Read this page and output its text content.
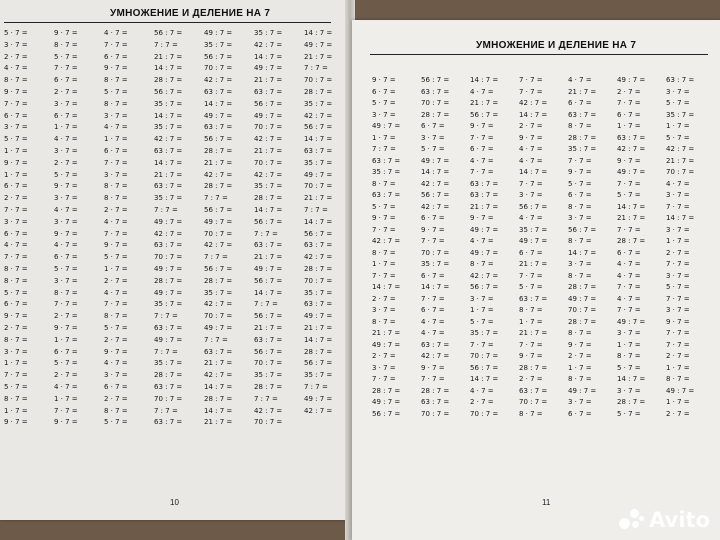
УМНОЖЕНИЕ И ДЕЛЕНИЕ НА 7
5 · 7 =
3 · 7 =
2 · 7 =
4 · 7 =
8 · 7 =
9 · 7 =
7 · 7 =
6 · 7 =
3 · 7 =
5 · 7 =
1 · 7 =
9 · 7 =
1 · 7 =
6 · 7 =
2 · 7 =
7 · 7 =
3 · 7 =
6 · 7 =
4 · 7 =
7 · 7 =
8 · 7 =
8 · 7 =
5 · 7 =
6 · 7 =
9 · 7 =
2 · 7 =
8 · 7 =
3 · 7 =
1 · 7 =
7 · 7 =
5 · 7 =
8 · 7 =
1 · 7 =
9 · 7 =
9 · 7 =
8 · 7 =
5 · 7 =
7 · 7 =
6 · 7 =
2 · 7 =
3 · 7 =
6 · 7 =
1 · 7 =
4 · 7 =
3 · 7 =
2 · 7 =
5 · 7 =
9 · 7 =
3 · 7 =
4 · 7 =
3 · 7 =
9 · 7 =
4 · 7 =
6 · 7 =
5 · 7 =
3 · 7 =
8 · 7 =
7 · 7 =
2 · 7 =
9 · 7 =
1 · 7 =
6 · 7 =
5 · 7 =
2 · 7 =
4 · 7 =
1 · 7 =
7 · 7 =
9 · 7 =
4 · 7 =
7 · 7 =
6 · 7 =
9 · 7 =
8 · 7 =
5 · 7 =
8 · 7 =
3 · 7 =
4 · 7 =
1 · 7 =
6 · 7 =
7 · 7 =
3 · 7 =
8 · 7 =
8 · 7 =
2 · 7 =
4 · 7 =
7 · 7 =
9 · 7 =
5 · 7 =
1 · 7 =
2 · 7 =
4 · 7 =
7 · 7 =
8 · 7 =
5 · 7 =
2 · 7 =
9 · 7 =
4 · 7 =
3 · 7 =
6 · 7 =
2 · 7 =
8 · 7 =
5 · 7 =
56 : 7 =
7 : 7 =
21 : 7 =
14 : 7 =
28 : 7 =
56 : 7 =
35 : 7 =
14 : 7 =
35 : 7 =
42 : 7 =
63 : 7 =
14 : 7 =
21 : 7 =
63 : 7 =
35 : 7 =
7 : 7 =
49 : 7 =
42 : 7 =
63 : 7 =
70 : 7 =
49 : 7 =
28 : 7 =
49 : 7 =
35 : 7 =
7 : 7 =
63 : 7 =
49 : 7 =
7 : 7 =
35 : 7 =
28 : 7 =
63 : 7 =
70 : 7 =
7 : 7 =
63 : 7 =
49 : 7 =
35 : 7 =
56 : 7 =
70 : 7 =
42 : 7 =
63 : 7 =
14 : 7 =
49 : 7 =
63 : 7 =
56 : 7 =
28 : 7 =
21 : 7 =
42 : 7 =
28 : 7 =
7 : 7 =
56 : 7 =
49 : 7 =
70 : 7 =
42 : 7 =
7 : 7 =
56 : 7 =
28 : 7 =
35 : 7 =
42 : 7 =
70 : 7 =
49 : 7 =
7 : 7 =
63 : 7 =
21 : 7 =
42 : 7 =
14 : 7 =
28 : 7 =
14 : 7 =
21 : 7 =
35 : 7 =
42 : 7 =
14 : 7 =
49 : 7 =
21 : 7 =
63 : 7 =
56 : 7 =
49 : 7 =
70 : 7 =
42 : 7 =
21 : 7 =
70 : 7 =
42 : 7 =
35 : 7 =
28 : 7 =
14 : 7 =
56 : 7 =
7 : 7 =
63 : 7 =
21 : 7 =
49 : 7 =
56 : 7 =
14 : 7 =
7 : 7 =
56 : 7 =
21 : 7 =
63 : 7 =
56 : 7 =
70 : 7 =
35 : 7 =
28 : 7 =
7 : 7 =
42 : 7 =
70 : 7 =
14 : 7 =
49 : 7 =
21 : 7 =
7 : 7 =
70 : 7 =
28 : 7 =
35 : 7 =
42 : 7 =
56 : 7 =
14 : 7 =
63 : 7 =
35 : 7 =
49 : 7 =
70 : 7 =
21 : 7 =
7 : 7 =
14 : 7 =
56 : 7 =
63 : 7 =
42 : 7 =
28 : 7 =
70 : 7 =
35 : 7 =
63 : 7 =
49 : 7 =
21 : 7 =
14 : 7 =
28 : 7 =
56 : 7 =
35 : 7 =
7 : 7 =
49 : 7 =
42 : 7 =
10
УМНОЖЕНИЕ И ДЕЛЕНИЕ НА 7
9 · 7 =
6 · 7 =
5 · 7 =
3 · 7 =
49 : 7 =
1 · 7 =
7 : 7 =
63 : 7 =
35 : 7 =
8 · 7 =
63 : 7 =
5 · 7 =
9 · 7 =
7 · 7 =
42 : 7 =
8 · 7 =
1 · 7 =
7 · 7 =
14 : 7 =
2 · 7 =
3 · 7 =
8 · 7 =
21 : 7 =
49 : 7 =
2 · 7 =
3 · 7 =
7 · 7 =
28 : 7 =
49 : 7 =
56 : 7 =
56 : 7 =
63 : 7 =
70 : 7 =
28 : 7 =
6 · 7 =
3 · 7 =
5 · 7 =
49 : 7 =
14 : 7 =
42 : 7 =
56 : 7 =
42 : 7 =
6 · 7 =
9 · 7 =
7 · 7 =
70 : 7 =
35 : 7 =
6 · 7 =
14 : 7 =
7 · 7 =
6 · 7 =
4 · 7 =
4 · 7 =
63 : 7 =
42 : 7 =
9 · 7 =
7 · 7 =
28 : 7 =
63 : 7 =
70 : 7 =
14 : 7 =
4 · 7 =
21 : 7 =
56 : 7 =
9 · 7 =
7 · 7 =
6 · 7 =
4 · 7 =
7 · 7 =
63 : 7 =
63 : 7 =
21 : 7 =
9 · 7 =
49 : 7 =
4 · 7 =
49 : 7 =
8 · 7 =
42 : 7 =
56 : 7 =
3 · 7 =
1 · 7 =
5 · 7 =
35 : 7 =
7 · 7 =
70 : 7 =
56 : 7 =
14 : 7 =
4 · 7 =
2 · 7 =
70 : 7 =
7 · 7 =
7 · 7 =
42 : 7 =
14 : 7 =
2 · 7 =
9 · 7 =
4 · 7 =
4 · 7 =
14 : 7 =
7 · 7 =
3 · 7 =
56 : 7 =
4 · 7 =
35 : 7 =
49 : 7 =
6 · 7 =
21 : 7 =
7 · 7 =
5 · 7 =
63 : 7 =
8 · 7 =
1 · 7 =
21 : 7 =
7 · 7 =
9 · 7 =
28 : 7 =
2 · 7 =
63 : 7 =
70 : 7 =
8 · 7 =
4 · 7 =
21 : 7 =
6 · 7 =
63 : 7 =
8 · 7 =
28 : 7 =
35 : 7 =
7 · 7 =
9 · 7 =
5 · 7 =
6 · 7 =
8 · 7 =
3 · 7 =
56 : 7 =
8 · 7 =
14 : 7 =
3 · 7 =
8 · 7 =
28 : 7 =
49 : 7 =
70 : 7 =
28 : 7 =
8 · 7 =
9 · 7 =
2 · 7 =
1 · 7 =
8 · 7 =
49 : 7 =
3 · 7 =
6 · 7 =
49 : 7 =
2 · 7 =
7 · 7 =
6 · 7 =
1 · 7 =
63 : 7 =
42 : 7 =
9 · 7 =
49 : 7 =
7 · 7 =
5 · 7 =
14 : 7 =
21 : 7 =
7 · 7 =
28 : 7 =
6 · 7 =
4 · 7 =
4 · 7 =
7 · 7 =
4 · 7 =
7 · 7 =
49 : 7 =
3 · 7 =
1 · 7 =
8 · 7 =
5 · 7 =
14 : 7 =
3 · 7 =
28 : 7 =
5 · 7 =
63 : 7 =
3 · 7 =
5 · 7 =
35 : 7 =
1 · 7 =
5 · 7 =
42 : 7 =
21 : 7 =
70 : 7 =
4 · 7 =
3 · 7 =
7 · 7 =
14 : 7 =
3 · 7 =
1 · 7 =
2 · 7 =
7 · 7 =
3 · 7 =
5 · 7 =
7 · 7 =
3 · 7 =
9 · 7 =
7 · 7 =
7 · 7 =
2 · 7 =
1 · 7 =
8 · 7 =
49 : 7 =
1 · 7 =
2 · 7 =
11
Avito
